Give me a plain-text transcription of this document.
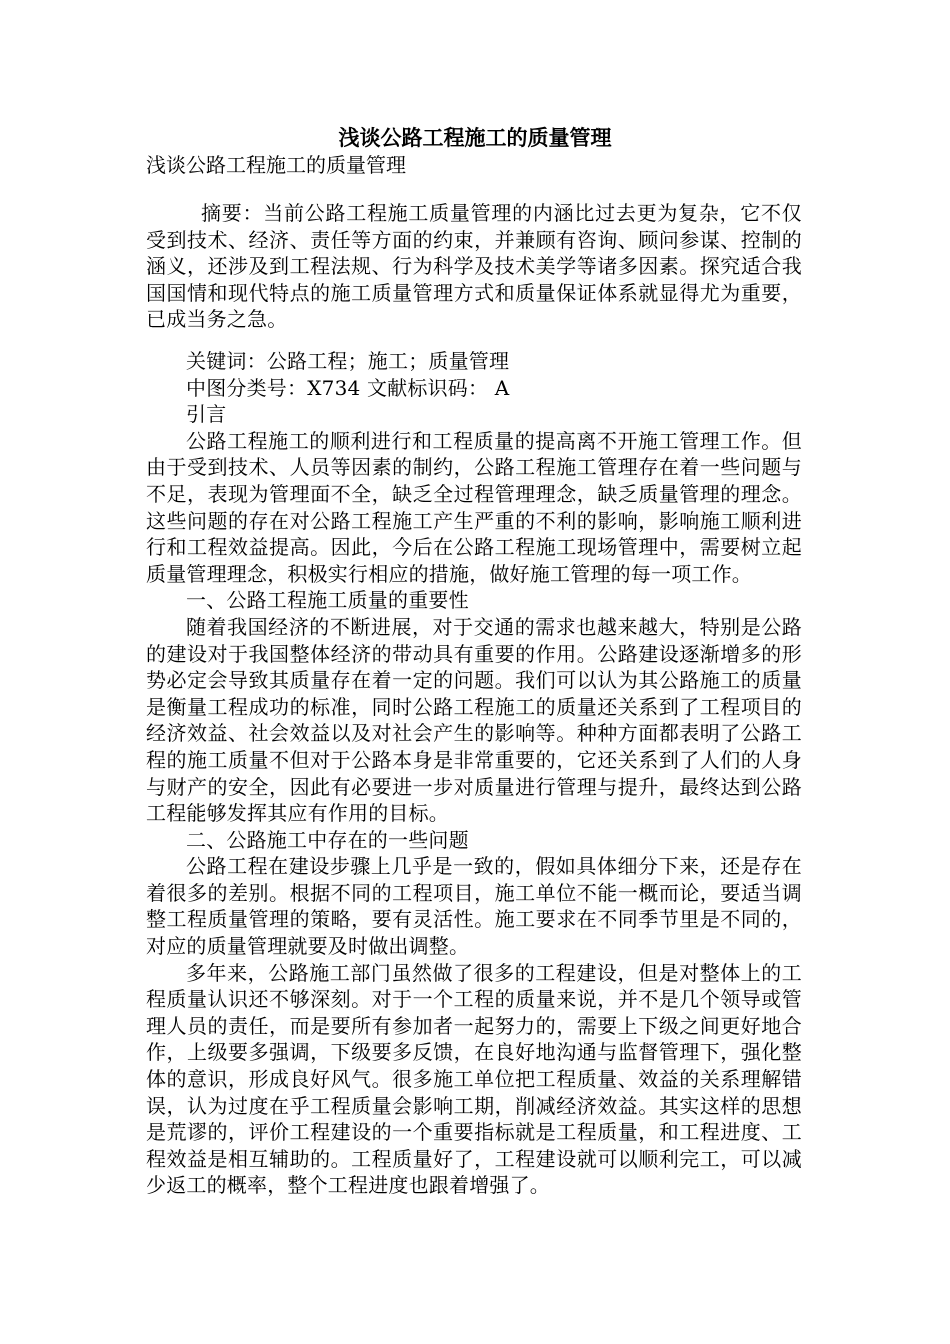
浅谈公路工程施工的质量管理
浅谈公路工程施工的质量管理

摘要：当前公路工程施工质量管理的内涵比过去更为复杂，它不仅受到技术、经济、责任等方面的约束，并兼顾有咨询、顾问参谋、控制的涵义，还涉及到工程法规、行为科学及技术美学等诸多因素。探究适合我国国情和现代特点的施工质量管理方式和质量保证体系就显得尤为重要，已成当务之急。

关键词：公路工程；施工；质量管理

中图分类号：X734 文献标识码： A

引言

公路工程施工的顺利进行和工程质量的提高离不开施工管理工作。但由于受到技术、人员等因素的制约，公路工程施工管理存在着一些问题与不足，表现为管理面不全，缺乏全过程管理理念，缺乏质量管理的理念。这些问题的存在对公路工程施工产生严重的不利的影响，影响施工顺利进行和工程效益提高。因此，今后在公路工程施工现场管理中，需要树立起质量管理理念，积极实行相应的措施，做好施工管理的每一项工作。

一、公路工程施工质量的重要性

随着我国经济的不断进展，对于交通的需求也越来越大，特别是公路的建设对于我国整体经济的带动具有重要的作用。公路建设逐渐增多的形势必定会导致其质量存在着一定的问题。我们可以认为其公路施工的质量是衡量工程成功的标准，同时公路工程施工的质量还关系到了工程项目的经济效益、社会效益以及对社会产生的影响等。种种方面都表明了公路工程的施工质量不但对于公路本身是非常重要的，它还关系到了人们的人身与财产的安全，因此有必要进一步对质量进行管理与提升，最终达到公路工程能够发挥其应有作用的目标。

二、公路施工中存在的一些问题

公路工程在建设步骤上几乎是一致的，假如具体细分下来，还是存在着很多的差别。根据不同的工程项目，施工单位不能一概而论，要适当调整工程质量管理的策略，要有灵活性。施工要求在不同季节里是不同的，对应的质量管理就要及时做出调整。

多年来，公路施工部门虽然做了很多的工程建设，但是对整体上的工程质量认识还不够深刻。对于一个工程的质量来说，并不是几个领导或管理人员的责任，而是要所有参加者一起努力的，需要上下级之间更好地合作，上级要多强调，下级要多反馈，在良好地沟通与监督管理下，强化整体的意识，形成良好风气。很多施工单位把工程质量、效益的关系理解错误，认为过度在乎工程质量会影响工期，削减经济效益。其实这样的思想是荒谬的，评价工程建设的一个重要指标就是工程质量，和工程进度、工程效益是相互辅助的。工程质量好了，工程建设就可以顺利完工，可以减少返工的概率，整个工程进度也跟着增强了。
